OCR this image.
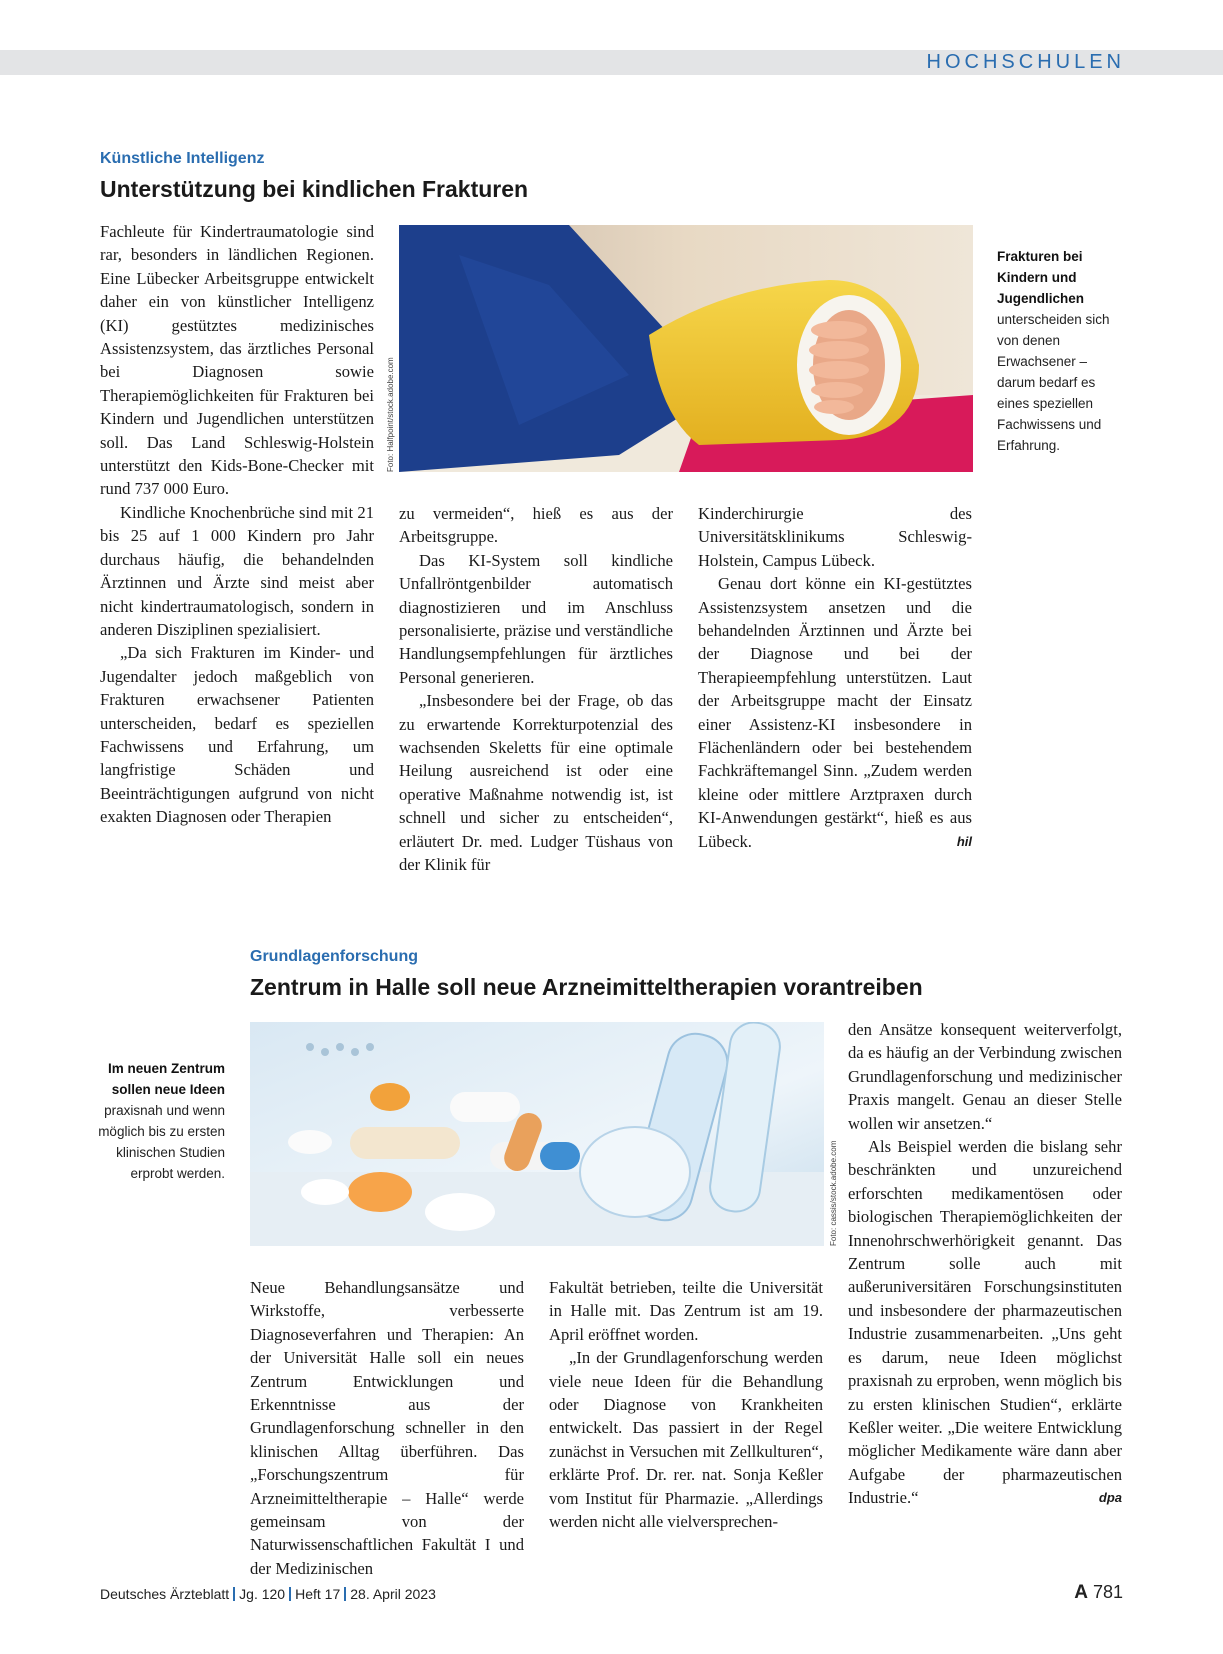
HOCHSCHULEN
Künstliche Intelligenz
Unterstützung bei kindlichen Frakturen

Fachleute für Kindertraumatologie sind rar, besonders in ländlichen Regionen. Eine Lübecker Arbeitsgruppe entwickelt daher ein von künstlicher Intelligenz (KI) gestütztes medizinisches Assistenzsystem, das ärztliches Personal bei Diagnosen sowie Therapiemöglichkeiten für Frakturen bei Kindern und Jugendlichen unterstützen soll. Das Land Schleswig-Holstein unterstützt den Kids-Bone-Checker mit rund 737 000 Euro.

Kindliche Knochenbrüche sind mit 21 bis 25 auf 1 000 Kindern pro Jahr durchaus häufig, die behandelnden Ärztinnen und Ärzte sind meist aber nicht kindertraumatologisch, sondern in anderen Disziplinen spezialisiert.

„Da sich Frakturen im Kinder- und Jugendalter jedoch maßgeblich von Frakturen erwachsener Patienten unterscheiden, bedarf es speziellen Fachwissens und Erfahrung, um langfristige Schäden und Beeinträchtigungen aufgrund von nicht exakten Diagnosen oder Therapien

Foto: Halfpoint/stock.adobe.com
Frakturen bei Kindern und Jugendlichen unterscheiden sich von denen Erwachsener – darum bedarf es eines speziellen Fachwissens und Erfahrung.

zu vermeiden“, hieß es aus der Arbeitsgruppe.

Das KI-System soll kindliche Unfallröntgenbilder automatisch diagnostizieren und im Anschluss personalisierte, präzise und verständliche Handlungsempfehlungen für ärztliches Personal generieren.

„Insbesondere bei der Frage, ob das zu erwartende Korrekturpotenzial des wachsenden Skeletts für eine optimale Heilung ausreichend ist oder eine operative Maßnahme notwendig ist, ist schnell und sicher zu entscheiden“, erläutert Dr. med. Ludger Tüshaus von der Klinik für

Kinderchirurgie des Universitätsklinikums Schleswig-Holstein, Campus Lübeck.

Genau dort könne ein KI-gestütztes Assistenzsystem ansetzen und die behandelnden Ärztinnen und Ärzte bei der Diagnose und bei der Therapieempfehlung unterstützen. Laut der Arbeitsgruppe macht der Einsatz einer Assistenz-KI insbesondere in Flächenländern oder bei bestehendem Fachkräftemangel Sinn. „Zudem werden kleine oder mittlere Arztpraxen durch KI-Anwendungen gestärkt“, hieß es aus Lübeck.	hil

Grundlagenforschung
Zentrum in Halle soll neue Arzneimitteltherapien vorantreiben
Im neuen Zentrum sollen neue Ideen praxisnah und wenn möglich bis zu ersten klinischen Studien erprobt werden.	Foto: cassis/stock.adobe.com

Neue Behandlungsansätze und Wirkstoffe, verbesserte Diagnoseverfahren und Therapien: An der Universität Halle soll ein neues Zentrum Entwicklungen und Erkenntnisse aus der Grundlagenforschung schneller in den klinischen Alltag überführen. Das „Forschungszentrum für Arzneimitteltherapie – Halle“ werde gemeinsam von der Naturwissenschaftlichen Fakultät I und der Medizinischen

Fakultät betrieben, teilte die Universität in Halle mit. Das Zentrum ist am 19. April eröffnet worden.

„In der Grundlagenforschung werden viele neue Ideen für die Behandlung oder Diagnose von Krankheiten entwickelt. Das passiert in der Regel zunächst in Versuchen mit Zellkulturen“, erklärte Prof. Dr. rer. nat. Sonja Keßler vom Institut für Pharmazie. „Allerdings werden nicht alle vielversprechen-

den Ansätze konsequent weiterverfolgt, da es häufig an der Verbindung zwischen Grundlagenforschung und medizinischer Praxis mangelt. Genau an dieser Stelle wollen wir ansetzen.“

Als Beispiel werden die bislang sehr beschränkten und unzureichend erforschten medikamentösen oder biologischen Therapiemöglichkeiten der Innenohrschwerhörigkeit genannt. Das Zentrum solle auch mit außeruniversitären Forschungsinstituten und insbesondere der pharmazeutischen Industrie zusammenarbeiten. „Uns geht es darum, neue Ideen möglichst praxisnah zu erproben, wenn möglich bis zu ersten klinischen Studien“, erklärte Keßler weiter. „Die weitere Entwicklung möglicher Medikamente wäre dann aber Aufgabe der pharmazeutischen Industrie.“	dpa

Deutsches Ärzteblatt Jg. 120 Heft 17 28. April 2023	A 781
